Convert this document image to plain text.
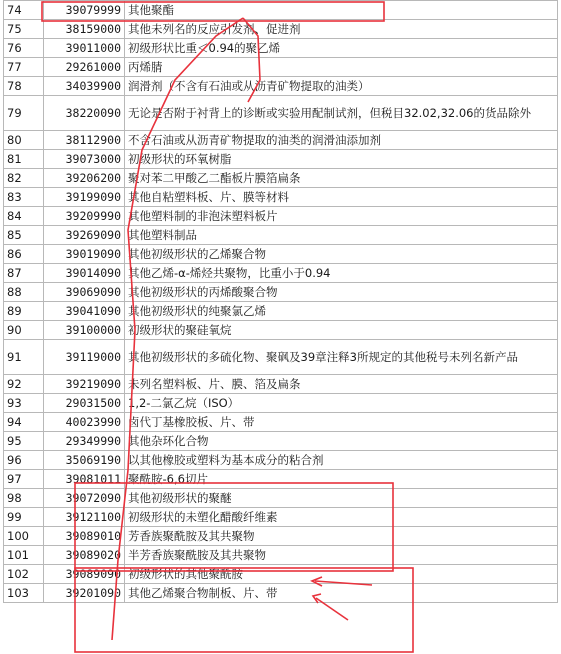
74	39079999	其他聚酯
75	38159000	其他未列名的反应引发剂、促进剂
76	39011000	初级形状比重＜0.94的聚乙烯
77	29261000	丙烯腈
78	34039900	润滑剂（不含有石油或从沥青矿物提取的油类）
79	38220090	无论是否附于衬背上的诊断或实验用配制试剂，但税目32.02,32.06的货品除外
80	38112900	不含石油或从沥青矿物提取的油类的润滑油添加剂
81	39073000	初级形状的环氧树脂
82	39206200	聚对苯二甲酸乙二酯板片膜箔扁条
83	39199090	其他自粘塑料板、片、膜等材料
84	39209990	其他塑料制的非泡沫塑料板片
85	39269090	其他塑料制品
86	39019090	其他初级形状的乙烯聚合物
87	39014090	其他乙烯-α-烯烃共聚物，比重小于0.94
88	39069090	其他初级形状的丙烯酸聚合物
89	39041090	其他初级形状的纯聚氯乙烯
90	39100000	初级形状的聚硅氧烷
91	39119000	其他初级形状的多硫化物、聚砜及39章注释3所规定的其他税号未列名新产品
92	39219090	未列名塑料板、片、膜、箔及扁条
93	29031500	1,2-二氯乙烷（ISO）
94	40023990	卤代丁基橡胶板、片、带
95	29349990	其他杂环化合物
96	35069190	以其他橡胶或塑料为基本成分的粘合剂
97	39081011	聚酰胺-6,6切片
98	39072090	其他初级形状的聚醚
99	39121100	初级形状的未塑化醋酸纤维素
100	39089010	芳香族聚酰胺及其共聚物
101	39089020	半芳香族聚酰胺及其共聚物
102	39089090	初级形状的其他聚酰胺
103	39201090	其他乙烯聚合物制板、片、带
